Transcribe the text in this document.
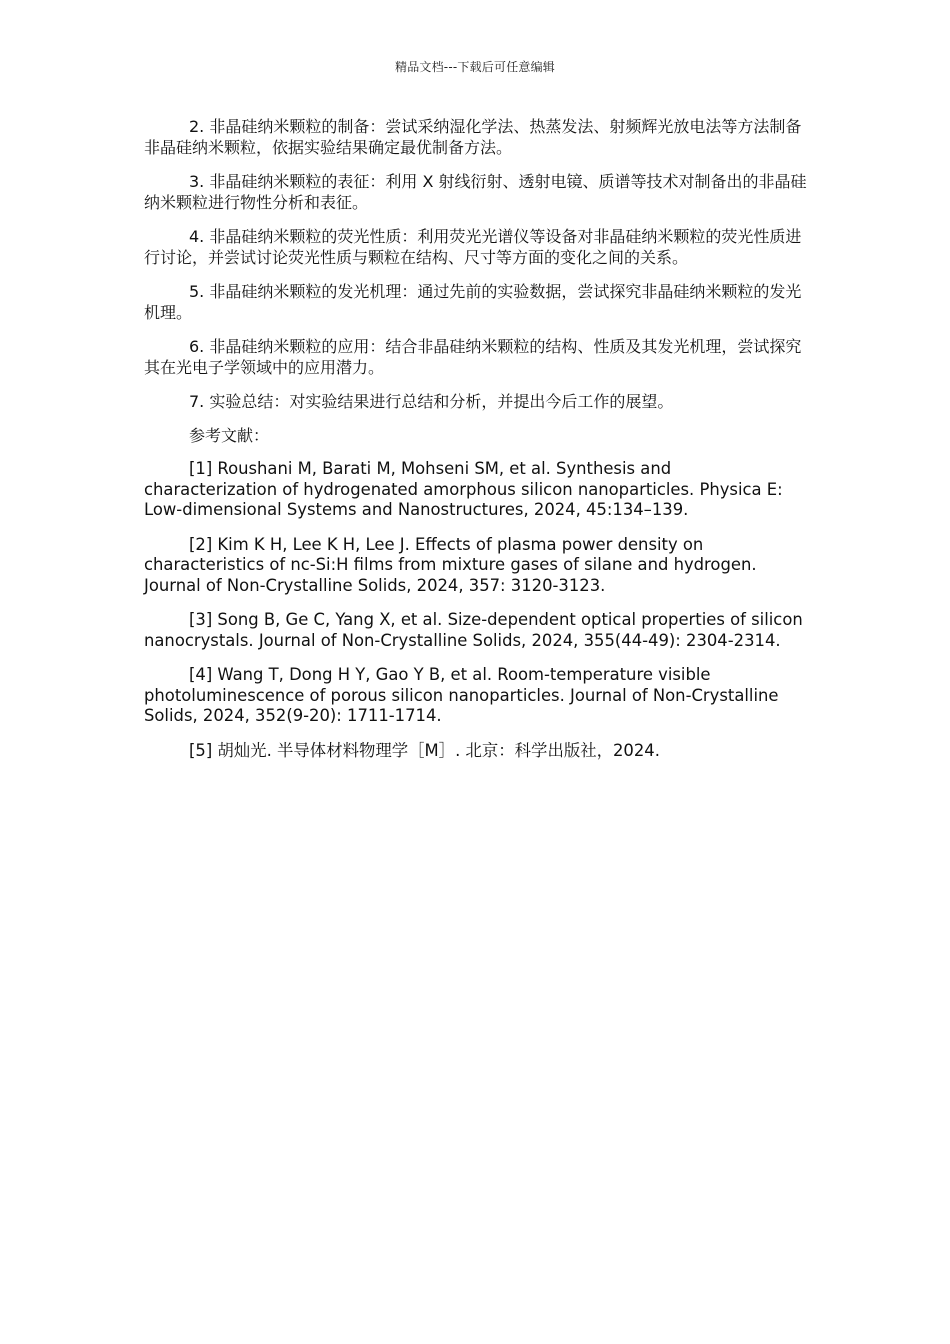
精品文档---下载后可任意编辑

2. 非晶硅纳米颗粒的制备：尝试采纳湿化学法、热蒸发法、射频辉光放电法等方法制备非晶硅纳米颗粒，依据实验结果确定最优制备方法。

3. 非晶硅纳米颗粒的表征：利用 X 射线衍射、透射电镜、质谱等技术对制备出的非晶硅纳米颗粒进行物性分析和表征。

4. 非晶硅纳米颗粒的荧光性质：利用荧光光谱仪等设备对非晶硅纳米颗粒的荧光性质进行讨论，并尝试讨论荧光性质与颗粒在结构、尺寸等方面的变化之间的关系。

5. 非晶硅纳米颗粒的发光机理：通过先前的实验数据，尝试探究非晶硅纳米颗粒的发光机理。

6. 非晶硅纳米颗粒的应用：结合非晶硅纳米颗粒的结构、性质及其发光机理，尝试探究其在光电子学领域中的应用潜力。

7. 实验总结：对实验结果进行总结和分析，并提出今后工作的展望。

参考文献：

[1] Roushani M, Barati M, Mohseni SM, et al. Synthesis and characterization of hydrogenated amorphous silicon nanoparticles. Physica E: Low-dimensional Systems and Nanostructures, 2024, 45:134–139.

[2] Kim K H, Lee K H, Lee J. Effects of plasma power density on characteristics of nc-Si:H films from mixture gases of silane and hydrogen. Journal of Non-Crystalline Solids, 2024, 357: 3120-3123.

[3] Song B, Ge C, Yang X, et al. Size-dependent optical properties of silicon nanocrystals. Journal of Non-Crystalline Solids, 2024, 355(44-49): 2304-2314.

[4] Wang T, Dong H Y, Gao Y B, et al. Room-temperature visible photoluminescence of porous silicon nanoparticles. Journal of Non-Crystalline Solids, 2024, 352(9-20): 1711-1714.

[5] 胡灿光. 半导体材料物理学［M］. 北京：科学出版社，2024.
